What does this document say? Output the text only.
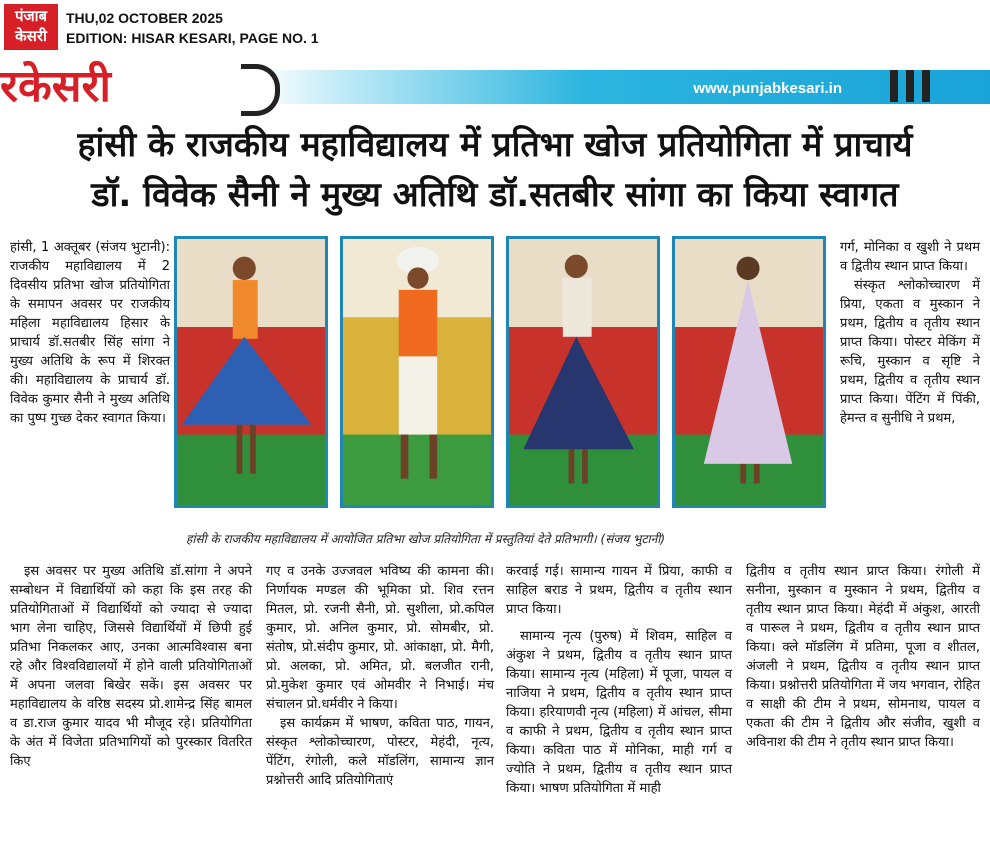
पंजाब
केसरी
THU,02 OCTOBER 2025
EDITION: HISAR KESARI, PAGE NO. 1
रकेसरी	www.punjabkesari.in
हांसी के राजकीय महाविद्यालय में प्रतिभा खोज प्रतियोगिता में प्राचार्य
डॉ. विवेक सैनी ने मुख्य अतिथि डॉ.सतबीर सांगा का किया स्वागत
हांसी के राजकीय महाविद्यालय में आयोजित प्रतिभा खोज प्रतियोगिता में प्रस्तुतियां देते प्रतिभागी। (संजय भुटानी)

हांसी, 1 अक्तूबर (संजय भुटानी): राजकीय महाविद्यालय में 2 दिवसीय प्रतिभा खोज प्रतियोगिता के समापन अवसर पर राजकीय महिला महाविद्यालय हिसार के प्राचार्य डॉ.सतबीर सिंह सांगा ने मुख्य अतिथि के रूप में शिरक्त की। महाविद्यालय के प्राचार्य डॉ. विवेक कुमार सैनी ने मुख्य अतिथि का पुष्प गुच्छ देकर स्वागत किया।

इस अवसर पर मुख्य अतिथि डॉ.सांगा ने अपने सम्बोधन में विद्यार्थियों को कहा कि इस तरह की प्रतियोगिताओं में विद्यार्थियों को ज्यादा से ज्यादा भाग लेना चाहिए, जिससे विद्यार्थियों में छिपी हुई प्रतिभा निकलकर आए, उनका आत्मविश्वास बना रहे और विश्वविद्यालयों में होने वाली प्रतियोगिताओं में अपना जलवा बिखेर सकें। इस अवसर पर महाविद्यालय के वरिष्ठ सदस्य प्रो.शामेन्द्र सिंह बामल व डा.राज कुमार यादव भी मौजूद रहे। प्रतियोगिता के अंत में विजेता प्रतिभागियों को पुरस्कार वितरित किए

गए व उनके उज्जवल भविष्य की कामना की। निर्णायक मण्डल की भूमिका प्रो. शिव रत्तन मितल, प्रो. रजनी सैनी, प्रो. सुशीला, प्रो.कपिल कुमार, प्रो. अनिल कुमार, प्रो. सोमबीर, प्रो. संतोष, प्रो.संदीप कुमार, प्रो. आंकाक्षा, प्रो. मैगी, प्रो. अलका, प्रो. अमित, प्रो. बलजीत रानी, प्रो.मुकेश कुमार एवं ओमवीर ने निभाई। मंच संचालन प्रो.धर्मवीर ने किया।

इस कार्यक्रम में भाषण, कविता पाठ, गायन, संस्कृत श्लोकोच्चारण, पोस्टर, मेहंदी, नृत्य, पेंटिंग, रंगोली, कले मॉडलिंग, सामान्य ज्ञान प्रश्नोत्तरी आदि प्रतियोगिताएं

करवाई गई। सामान्य गायन में प्रिया, काफी व साहिल बराड ने प्रथम, द्वितीय व तृतीय स्थान प्राप्त किया।

सामान्य नृत्य (पुरुष) में शिवम, साहिल व अंकुश ने प्रथम, द्वितीय व तृतीय स्थान प्राप्त किया। सामान्य नृत्य (महिला) में पूजा, पायल व नाजिया ने प्रथम, द्वितीय व तृतीय स्थान प्राप्त किया। हरियाणवी नृत्य (महिला) में आंचल, सीमा व काफी ने प्रथम, द्वितीय व तृतीय स्थान प्राप्त किया। कविता पाठ में मोनिका, माही गर्ग व ज्योति ने प्रथम, द्वितीय व तृतीय स्थान प्राप्त किया। भाषण प्रतियोगिता में माही

गर्ग, मोनिका व खुशी ने प्रथम व द्वितीय स्थान प्राप्त किया।

संस्कृत श्लोकोच्चारण में प्रिया, एकता व मुस्कान ने प्रथम, द्वितीय व तृतीय स्थान प्राप्त किया। पोस्टर मेकिंग में रूचि, मुस्कान व सृष्टि ने प्रथम, द्वितीय व तृतीय स्थान प्राप्त किया। पेंटिंग में पिंकी, हेमन्त व सुनीधि ने प्रथम,

द्वितीय व तृतीय स्थान प्राप्त किया। रंगोली में सनीना, मुस्कान व मुस्कान ने प्रथम, द्वितीय व तृतीय स्थान प्राप्त किया। मेहंदी में अंकुश, आरती व पारूल ने प्रथम, द्वितीय व तृतीय स्थान प्राप्त किया। क्ले मॉडलिंग में प्रतिमा, पूजा व शीतल, अंजली ने प्रथम, द्वितीय व तृतीय स्थान प्राप्त किया। प्रश्नोत्तरी प्रतियोगिता में जय भगवान, रोहित व साक्षी की टीम ने प्रथम, सोमनाथ, पायल व एकता की टीम ने द्वितीय और संजीव, खुशी व अविनाश की टीम ने तृतीय स्थान प्राप्त किया।
